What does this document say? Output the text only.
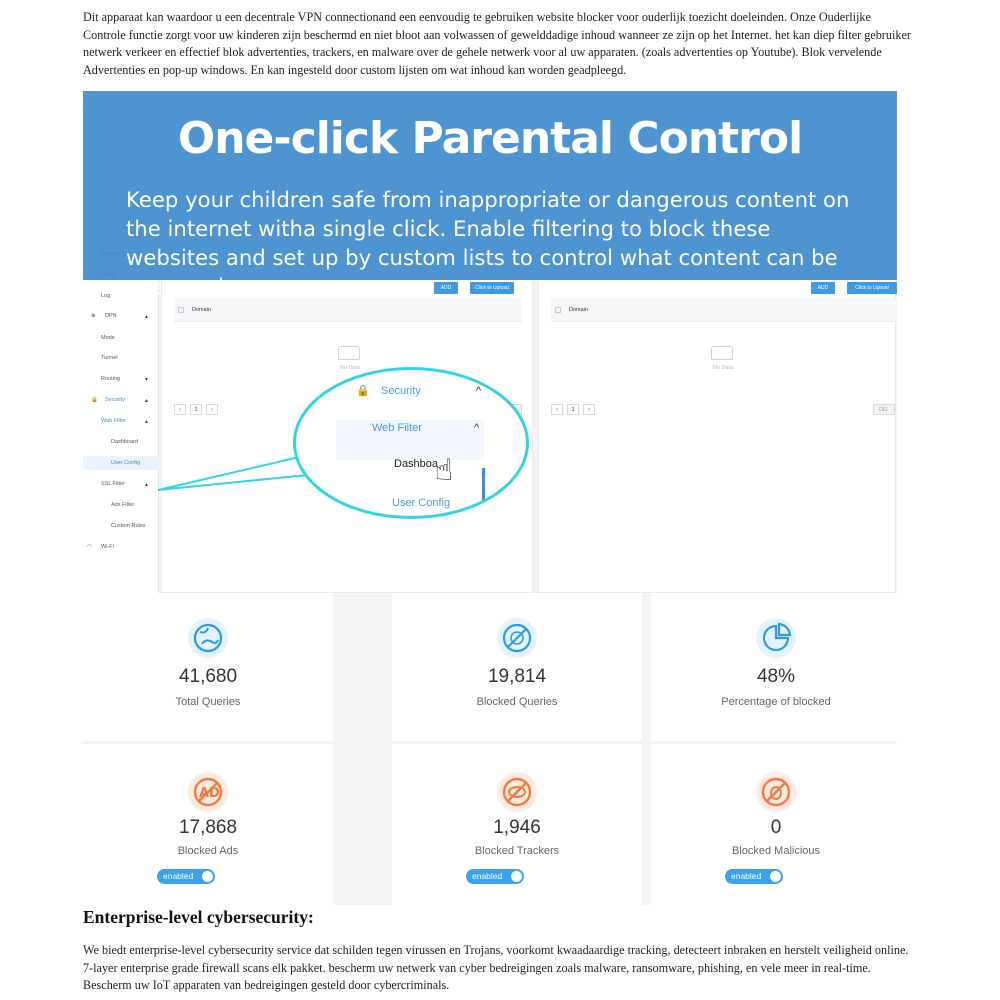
Dit apparaat kan waardoor u een decentrale VPN connectionand een eenvoudig te gebruiken website blocker voor ouderlijk toezicht doeleinden. Onze Ouderlijke Controle functie zorgt voor uw kinderen zijn beschermd en niet bloot aan volwassen of gewelddadige inhoud wanneer ze zijn op het Internet. het kan diep filter gebruiker netwerk verkeer en effectief blok advertenties, trackers, en malware over de gehele netwerk voor al uw apparaten. (zoals advertenties op Youtube). Blok vervelende Advertenties en pop-up windows. En kan ingesteld door custom lijsten om wat inhoud kan worden geadpleegd.

Log
⊕ DPN	▴
Mode
Tunnel
Routing	▾
🔒 Security	▴
Web Filter	▴
Dashboard
User Config
SSL Filter	▴
Ads Filter
Custom Rules
◠ Wi-Fi
ADD	Click to Upload
Domain
No Data
‹	1	›
ADD	Click to Upload
Domain
No Data
‹	1	›	DEL
One-click Parental Control

Keep your children safe from inappropriate or dangerous content on the internet witha single click. Enable filtering to block these websites and set up by custom lists to control what content can be accessed.

🔒 Security	^
Web Filter	^
Dashboa
User Config
☝
41,680
Total Queries
19,814
Blocked Queries
48%
Percentage of blocked
AD
17,868
Blocked Ads
enabled
1,946
Blocked Trackers
enabled
0
Blocked Malicious
enabled
Enterprise-level cybersecurity:

We biedt enterprise-level cybersecurity service dat schilden tegen virussen en Trojans, voorkomt kwaadaardige tracking, detecteert inbraken en herstelt veiligheid online. 7-layer enterprise grade firewall scans elk pakket. bescherm uw netwerk van cyber bedreigingen zoals malware, ransomware, phishing, en vele meer in real-time. Bescherm uw IoT apparaten van bedreigingen gesteld door cybercriminals.
